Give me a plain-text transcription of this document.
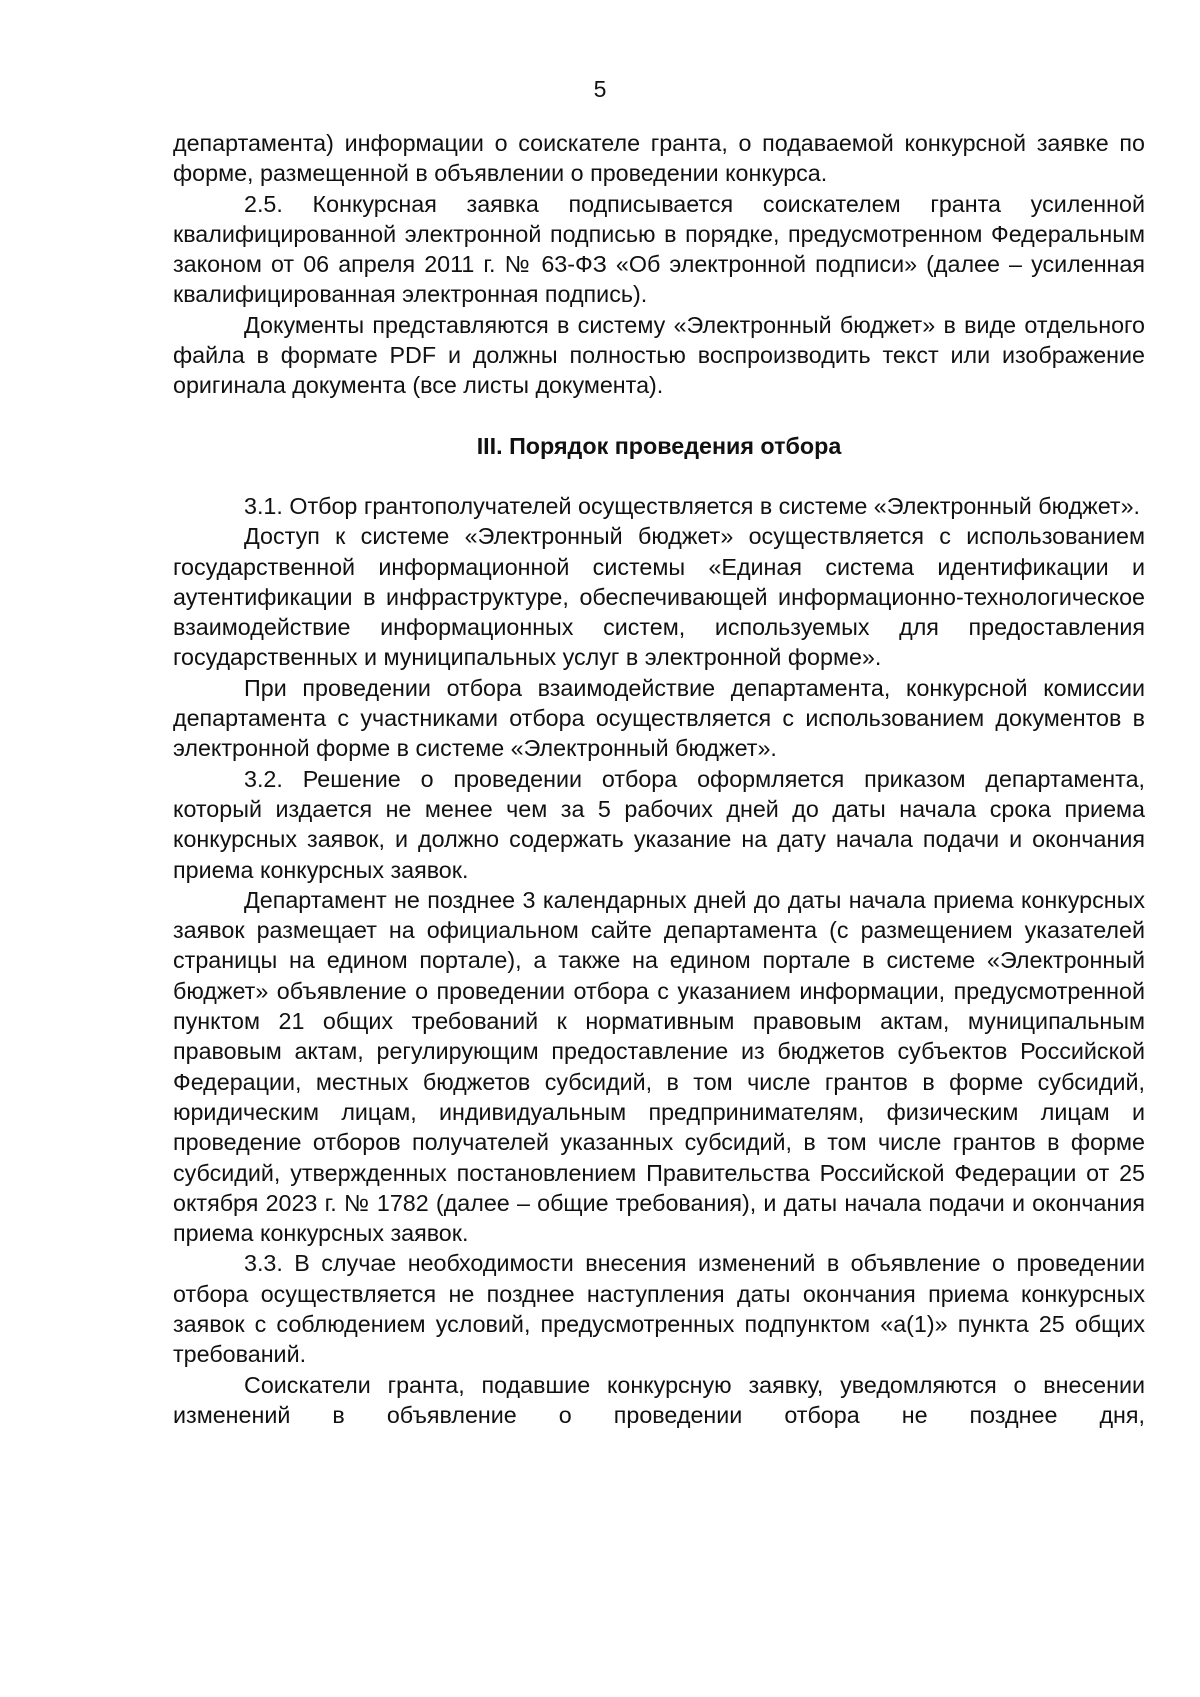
5

департамента) информации о соискателе гранта, о подаваемой конкурсной заявке по форме, размещенной в объявлении о проведении конкурса.

2.5. Конкурсная заявка подписывается соискателем гранта усиленной квалифицированной электронной подписью в порядке, предусмотренном Федеральным законом от 06 апреля 2011 г. № 63-ФЗ «Об электронной подписи» (далее – усиленная квалифицированная электронная подпись).

Документы представляются в систему «Электронный бюджет» в виде отдельного файла в формате PDF и должны полностью воспроизводить текст или изображение оригинала документа (все листы документа).

III. Порядок проведения отбора

3.1. Отбор грантополучателей осуществляется в системе «Электронный бюджет».

Доступ к системе «Электронный бюджет» осуществляется с использованием государственной информационной системы «Единая система идентификации и аутентификации в инфраструктуре, обеспечивающей информационно-технологическое взаимодействие информационных систем, используемых для предоставления государственных и муниципальных услуг в электронной форме».

При проведении отбора взаимодействие департамента, конкурсной комиссии департамента с участниками отбора осуществляется с использованием документов в электронной форме в системе «Электронный бюджет».

3.2. Решение о проведении отбора оформляется приказом департамента, который издается не менее чем за 5 рабочих дней до даты начала срока приема конкурсных заявок, и должно содержать указание на дату начала подачи и окончания приема конкурсных заявок.

Департамент не позднее 3 календарных дней до даты начала приема конкурсных заявок размещает на официальном сайте департамента (с размещением указателей страницы на едином портале), а также на едином портале в системе «Электронный бюджет» объявление о проведении отбора с указанием информации, предусмотренной пунктом 21 общих требований к нормативным правовым актам, муниципальным правовым актам, регулирующим предоставление из бюджетов субъектов Российской Федерации, местных бюджетов субсидий, в том числе грантов в форме субсидий, юридическим лицам, индивидуальным предпринимателям, физическим лицам и проведение отборов получателей указанных субсидий, в том числе грантов в форме субсидий, утвержденных постановлением Правительства Российской Федерации от 25 октября 2023 г. № 1782 (далее – общие требования), и даты начала подачи и окончания приема конкурсных заявок.

3.3. В случае необходимости внесения изменений в объявление о проведении отбора осуществляется не позднее наступления даты окончания приема конкурсных заявок с соблюдением условий, предусмотренных подпунктом «а(1)» пункта 25 общих требований.

Соискатели гранта, подавшие конкурсную заявку, уведомляются о внесении изменений в объявление о проведении отбора не позднее дня,
